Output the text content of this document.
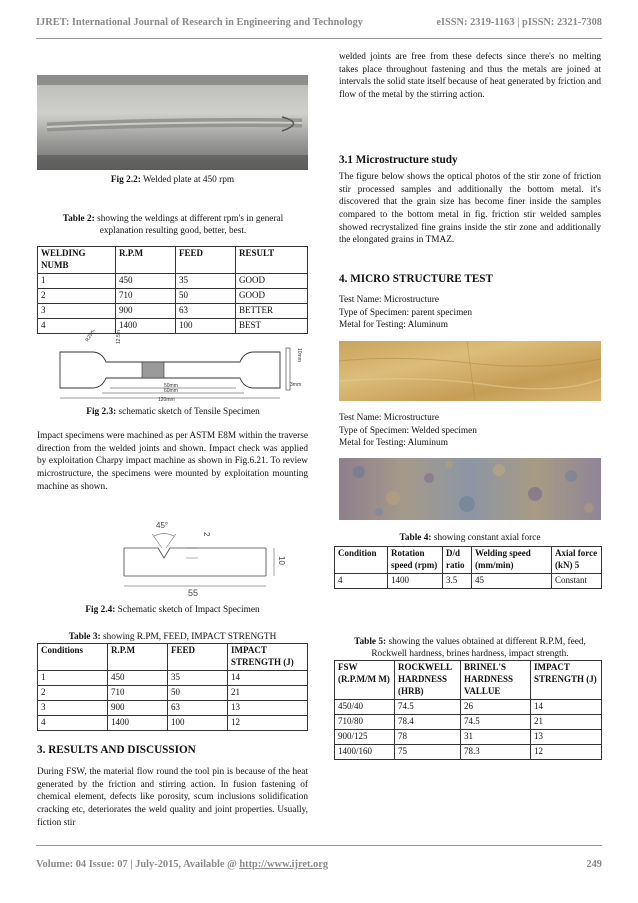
IJRET: International Journal of Research in Engineering and Technology	eISSN: 2319-1163 | pISSN: 2321-7308
Fig 2.2: Welded plate at 450 rpm
Table 2: showing the weldings at different rpm's in general explanation resulting good, better, best.
WELDING NUMB	R.P.M	FEED	RESULT
1	450	35	GOOD
2	710	50	GOOD
3	900	63	BETTER
4	1400	100	BEST
R25mm	12.5mm
50mm
60mm
120mm
10mm
3mm
Fig 2.3: schematic sketch of Tensile Specimen
Impact specimens were machined as per ASTM E8M within the traverse direction from the welded joints and shown. Impact check was applied by exploitation Charpy impact machine as shown in Fig.6.21. To review microstructure, the specimens were mounted by exploitation mounting machine as shown.
45°
2
55
10
Fig 2.4: Schematic sketch of Impact Specimen
Table 3: showing R.PM, FEED, IMPACT STRENGTH
Conditions	R.P.M	FEED	IMPACT STRENGTH (J)
1	450	35	14
2	710	50	21
3	900	63	13
4	1400	100	12
3. RESULTS AND DISCUSSION
During FSW, the material flow round the tool pin is because of the heat generated by the friction and stirring action. In fusion fastening of chemical element, defects like porosity, scum inclusions solidification cracking etc, deteriorates the weld quality and joint properties. Usually, fiction stir
welded joints are free from these defects since there's no melting takes place throughout fastening and thus the metals are joined at intervals the solid state itself because of heat generated by friction and flow of the metal by the stirring action.
3.1 Microstructure study
The figure below shows the optical photos of the stir zone of friction stir processed samples and additionally the bottom metal. it's discovered that the grain size has become finer inside the samples compared to the bottom metal in fig. friction stir welded samples showed recrystalized fine grains inside the stir zone and additionally the elongated grains in TMAZ.
4. MICRO STRUCTURE TEST
Test Name: Microstructure
Type of Specimen: parent specimen
Metal for Testing: Aluminum
Test Name: Microstructure
Type of Specimen: Welded specimen
Metal for Testing: Aluminum
Table 4: showing constant axial force
Condition	Rotation speed (rpm)	D/d ratio	Welding speed (mm/min)	Axial force (kN) 5
4	1400	3.5	45	Constant
Table 5: showing the values obtained at different R.P.M, feed, Rockwell hardness, brines hardness, impact strength.
FSW (R.P.M/M M)	ROCKWELL HARDNESS (HRB)	BRINEL'S HARDNESS VALLUE	IMPACT STRENGTH (J)
450/40	74.5	26	14
710/80	78.4	74.5	21
900/125	78	31	13
1400/160	75	78.3	12
Volume: 04 Issue: 07 | July-2015, Available @ http://www.ijret.org	249
